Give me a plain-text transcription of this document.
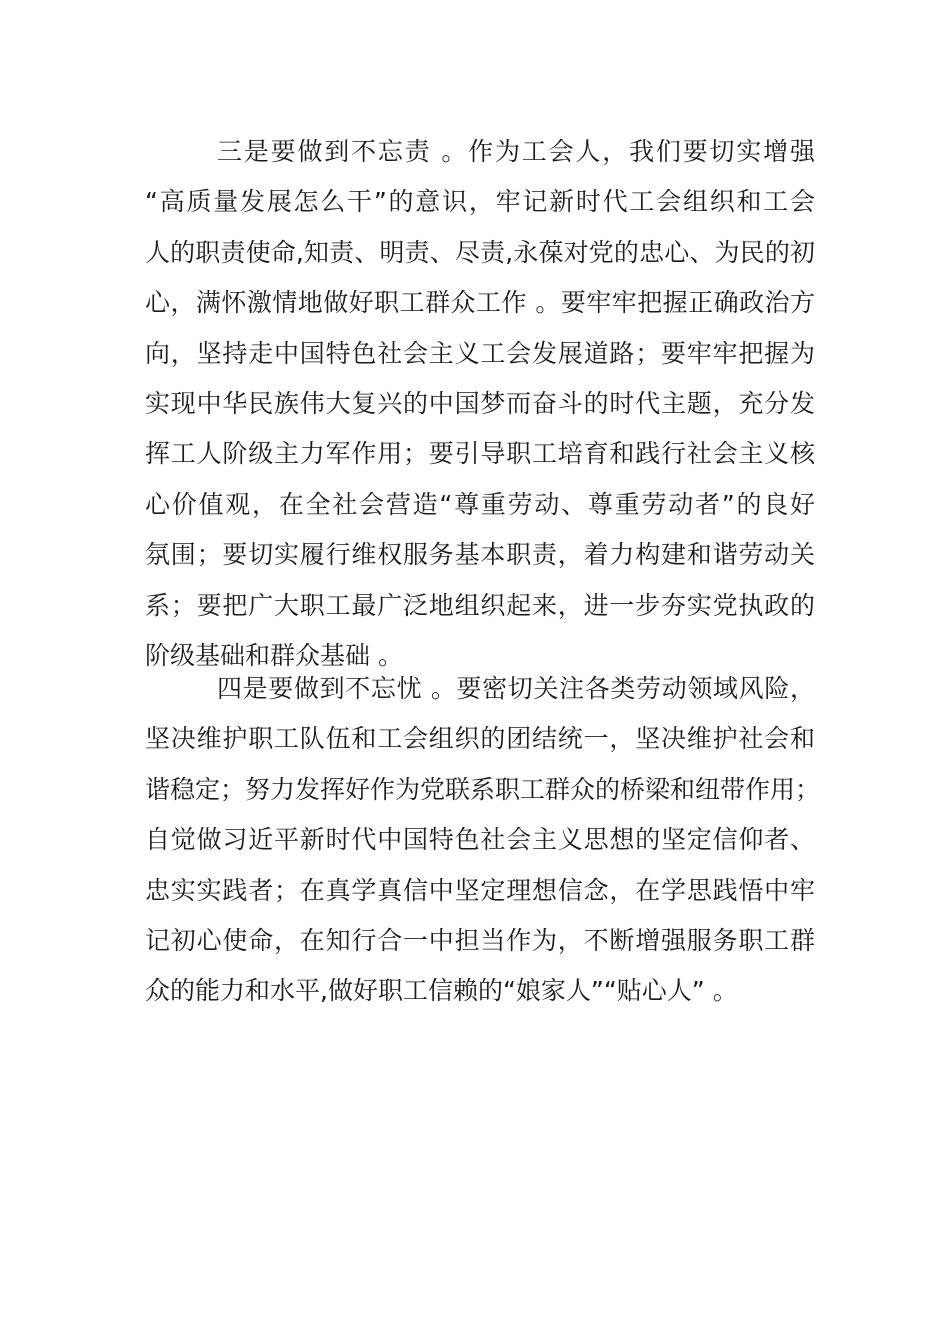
三是要做到不忘责 。作为工会人，我们要切实增强
“高质量发展怎么干”的意识，牢记新时代工会组织和工会
人的职责使命,知责、明责、尽责,永葆对党的忠心、为民的初
心，满怀激情地做好职工群众工作 。要牢牢把握正确政治方
向，坚持走中国特色社会主义工会发展道路；要牢牢把握为
实现中华民族伟大复兴的中国梦而奋斗的时代主题，充分发
挥工人阶级主力军作用；要引导职工培育和践行社会主义核
心价值观，在全社会营造“尊重劳动、尊重劳动者”的良好
氛围；要切实履行维权服务基本职责，着力构建和谐劳动关
系；要把广大职工最广泛地组织起来，进一步夯实党执政的
阶级基础和群众基础 。
四是要做到不忘忧 。要密切关注各类劳动领域风险，
坚决维护职工队伍和工会组织的团结统一，坚决维护社会和
谐稳定；努力发挥好作为党联系职工群众的桥梁和纽带作用；
自觉做习近平新时代中国特色社会主义思想的坚定信仰者、
忠实实践者；在真学真信中坚定理想信念，在学思践悟中牢
记初心使命，在知行合一中担当作为，不断增强服务职工群
众的能力和水平,做好职工信赖的“娘家人”“贴心人” 。
